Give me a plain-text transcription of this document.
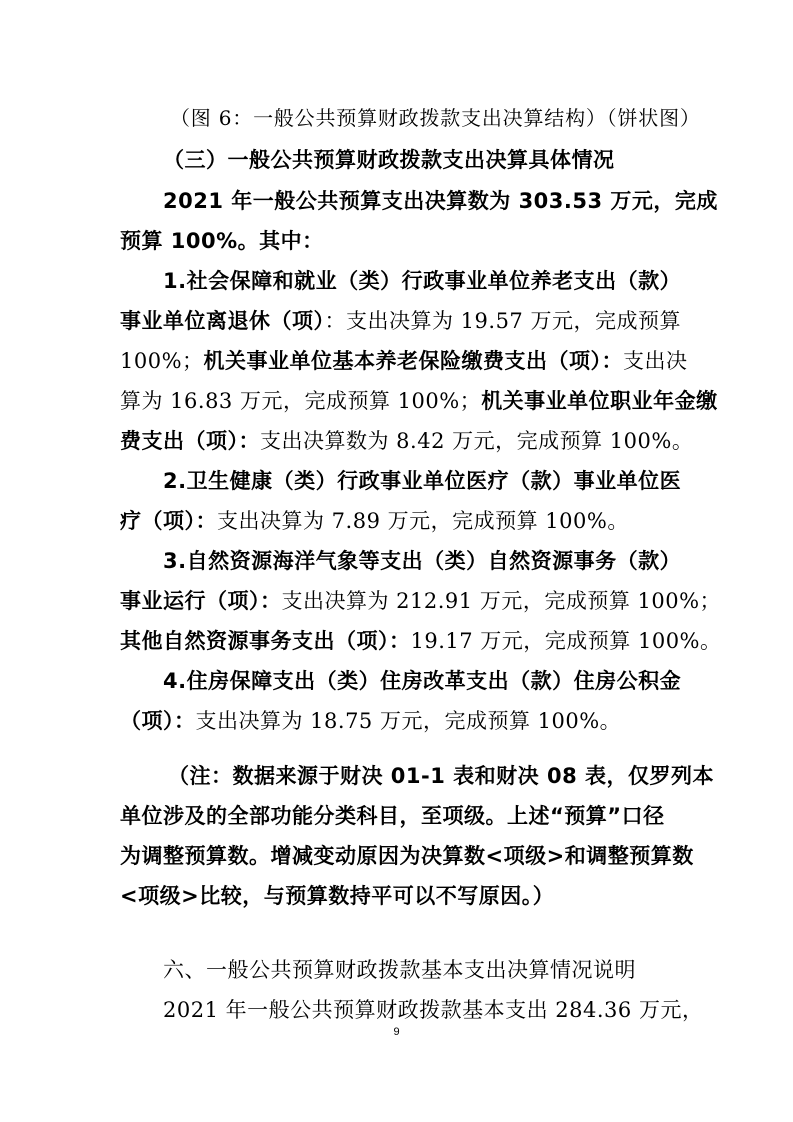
（图 6：一般公共预算财政拨款支出决算结构）（饼状图）
（三）一般公共预算财政拨款支出决算具体情况
2021 年一般公共预算支出决算数为 303.53 万元，完成
预算 100%。其中：
1.社会保障和就业（类）行政事业单位养老支出（款）
事业单位离退休（项）：支出决算为 19.57 万元，完成预算
100%；机关事业单位基本养老保险缴费支出（项）：支出决
算为 16.83 万元，完成预算 100%；机关事业单位职业年金缴
费支出（项）：支出决算数为 8.42 万元，完成预算 100%。
2.卫生健康（类）行政事业单位医疗（款）事业单位医
疗（项）：支出决算为 7.89 万元，完成预算 100%。
3.自然资源海洋气象等支出（类）自然资源事务（款）
事业运行（项）：支出决算为 212.91 万元，完成预算 100%；
其他自然资源事务支出（项）：19.17 万元，完成预算 100%。
4.住房保障支出（类）住房改革支出（款）住房公积金
（项）：支出决算为 18.75 万元，完成预算 100%。
（注：数据来源于财决 01-1 表和财决 08 表，仅罗列本
单位涉及的全部功能分类科目，至项级。上述“预算”口径
为调整预算数。增减变动原因为决算数<项级>和调整预算数
<项级>比较，与预算数持平可以不写原因。）
六、一般公共预算财政拨款基本支出决算情况说明
2021 年一般公共预算财政拨款基本支出 284.36 万元，
9
